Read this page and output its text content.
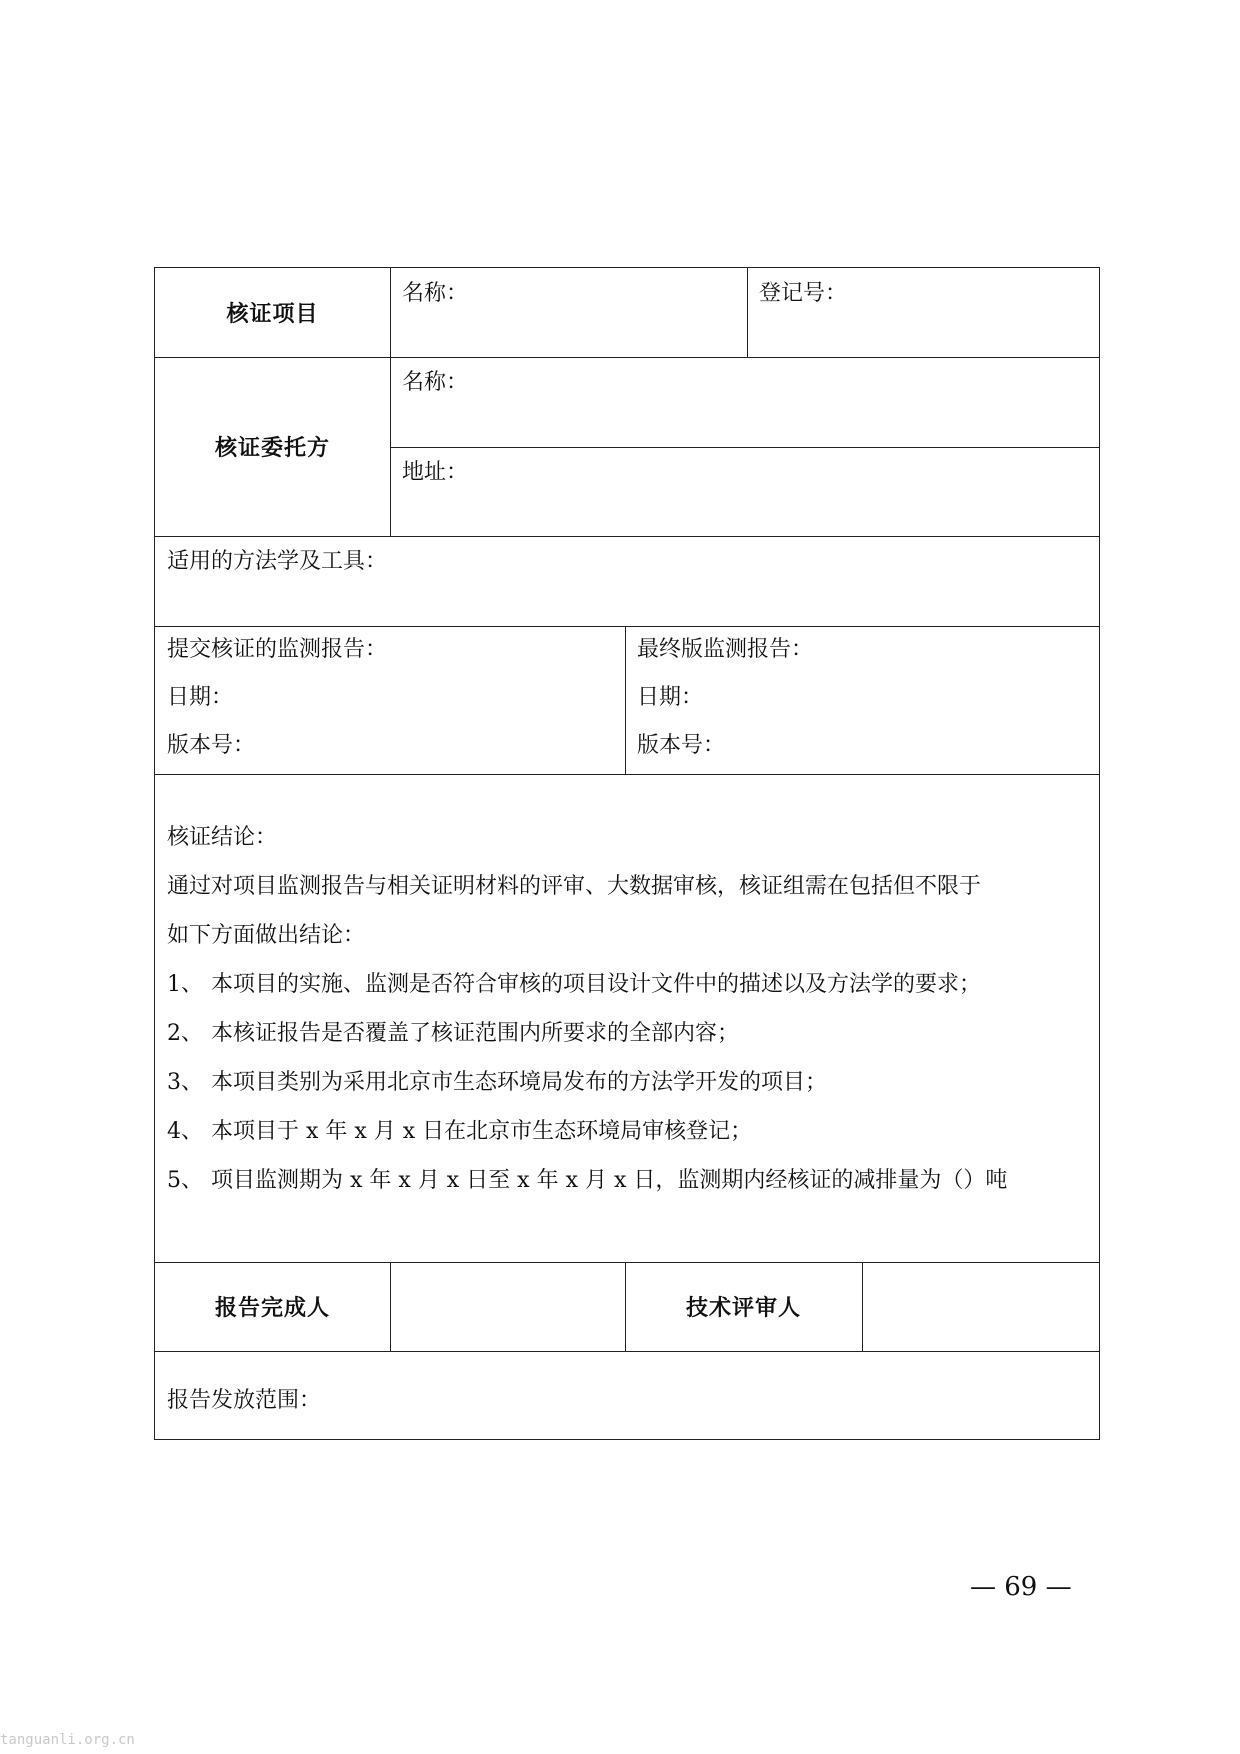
核证项目
名称：	登记号：
核证委托方
名称：
地址：
适用的方法学及工具：
提交核证的监测报告：
日期：
版本号：
最终版监测报告：
日期：
版本号：
核证结论：
通过对项目监测报告与相关证明材料的评审、大数据审核，核证组需在包括但不限于
如下方面做出结论：
1、 本项目的实施、监测是否符合审核的项目设计文件中的描述以及方法学的要求；
2、 本核证报告是否覆盖了核证范围内所要求的全部内容；
3、 本项目类别为采用北京市生态环境局发布的方法学开发的项目；
4、 本项目于 x 年 x 月 x 日在北京市生态环境局审核登记；
5、 项目监测期为 x 年 x 月 x 日至 x 年 x 月 x 日，监测期内经核证的减排量为（）吨
报告完成人	技术评审人
报告发放范围：
— 69 —
tanguanli.org.cn
